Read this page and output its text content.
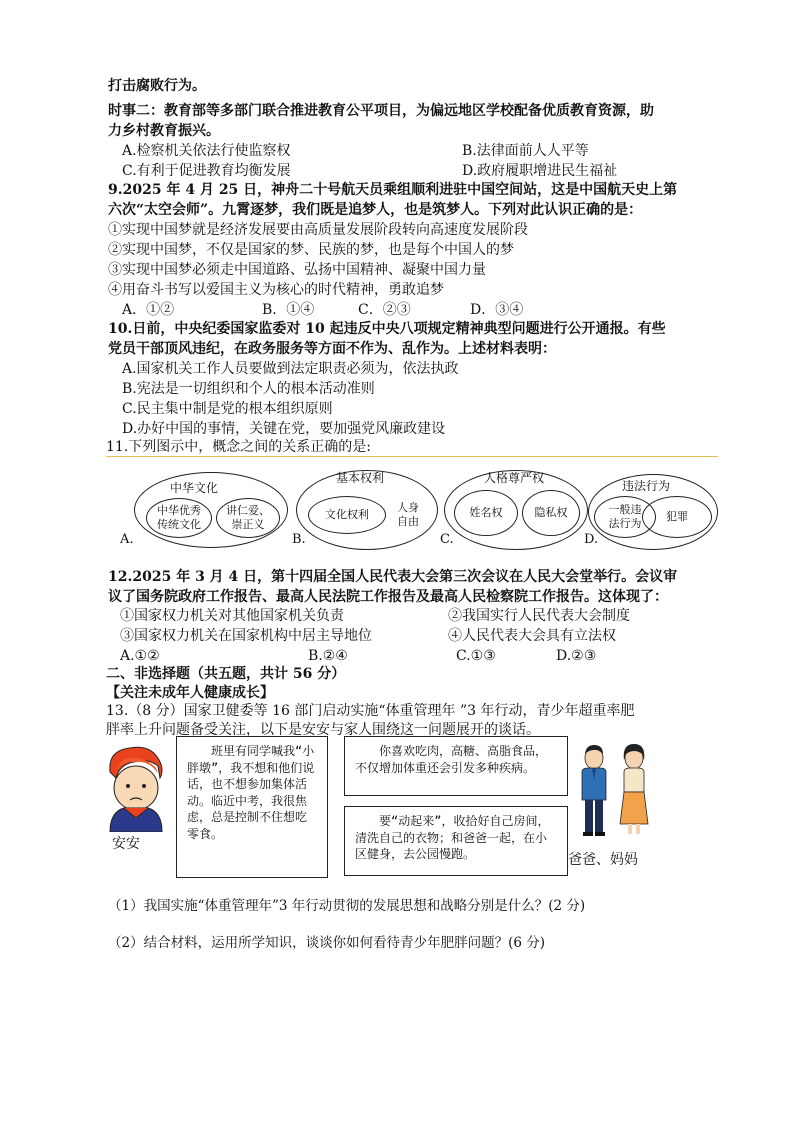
打击腐败行为。
时事二：教育部等多部门联合推进教育公平项目，为偏远地区学校配备优质教育资源，助
力乡村教育振兴。
A.检察机关依法行使监察权	B.法律面前人人平等
C.有利于促进教育均衡发展	D.政府履职增进民生福祉
9.2025 年 4 月 25 日，神舟二十号航天员乘组顺利进驻中国空间站，这是中国航天史上第
六次“太空会师”。九霄逐梦，我们既是追梦人，也是筑梦人。下列对此认识正确的是：
①实现中国梦就是经济发展要由高质量发展阶段转向高速度发展阶段
②实现中国梦，不仅是国家的梦、民族的梦，也是每个中国人的梦
③实现中国梦必须走中国道路、弘扬中国精神、凝聚中国力量
④用奋斗书写以爱国主义为核心的时代精神，勇敢追梦
A．①②	B．①④	C．②③	D．③④
10.日前，中央纪委国家监委对 10 起违反中央八项规定精神典型问题进行公开通报。有些
党员干部顶风违纪，在政务服务等方面不作为、乱作为。上述材料表明：
A.国家机关工作人员要做到法定职责必须为，依法执政
B.宪法是一切组织和个人的根本活动准则
C.民主集中制是党的根本组织原则
D.办好中国的事情，关键在党，要加强党风廉政建设
11.下列图示中，概念之间的关系正确的是:
A.
中华文化
中华优秀
传统文化
讲仁爱、
崇正义
B.
基本权利
文化权利
人身
自由
C.
人格尊严权
姓名权	隐私权
D.
违法行为
一般违
法行为
犯罪
12.2025 年 3 月 4 日，第十四届全国人民代表大会第三次会议在人民大会堂举行。会议审
议了国务院政府工作报告、最高人民法院工作报告及最高人民检察院工作报告。这体现了：
①国家权力机关对其他国家机关负责	②我国实行人民代表大会制度
③国家权力机关在国家机构中居主导地位	④人民代表大会具有立法权
A.①②	B.②④	C.①③	D.②③
二、非选择题（共五题，共计 56 分）
【关注未成年人健康成长】
13.（8 分）国家卫健委等 16 部门启动实施“体重管理年 ”3 年行动，青少年超重率肥
胖率上升问题备受关注，以下是安安与家人围绕这一问题展开的谈话。
安安
　　班里有同学喊我“小胖墩”，我不想和他们说话，也不想参加集体活动。临近中考，我很焦虑，总是控制不住想吃零食。
　　你喜欢吃肉，高糖、高脂食品，不仅增加体重还会引发多种疾病。
　　要“动起来”，收拾好自己房间，清洗自己的衣物；和爸爸一起，在小区健身，去公园慢跑。	爸爸、妈妈
（1）我国实施“体重管理年”3 年行动贯彻的发展思想和战略分别是什么？(2 分)
（2）结合材料，运用所学知识，谈谈你如何看待青少年肥胖问题？(6 分)
